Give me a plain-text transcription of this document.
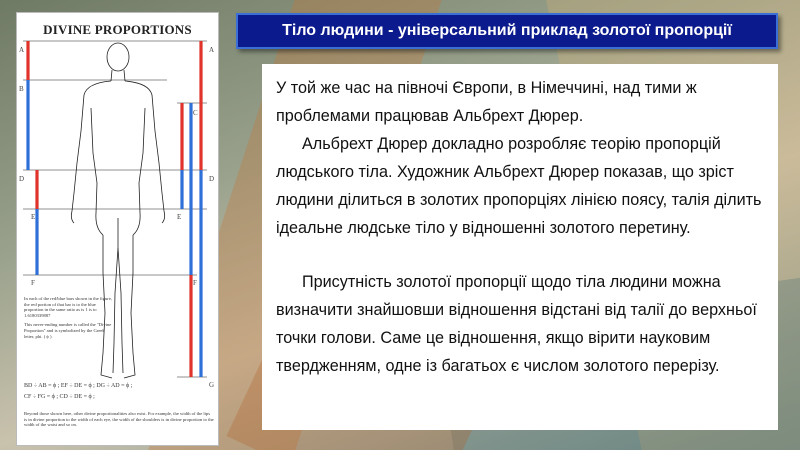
DIVINE PROPORTIONS
A	A
B
C
D	D
E	E
F	F
G

In each of the red/blue bars shown in the figure, the red portion of that bar is to the blue proportion in the same ratio as is 1 is to 1.6180339887

This never-ending number is called the "Divine Proportion" and is symbolized by the Greek letter, phi. ( ϕ )

BD ÷ AB = ϕ ; EF ÷ DE = ϕ ; DG ÷ AD = ϕ ;
CF ÷ FG = ϕ ; CD ÷ DE = ϕ ;
Beyond those shown here, other divine proportionalities also exist. For example, the width of the lips is in divine proportion to the width of each eye, the width of the shoulders is in divine proportion to the width of the waist and so on.
Тіло людини - універсальний приклад золотої пропорції

У той же час на півночі Європи, в Німеччині, над тими ж проблемами працював Альбрехт Дюрер.

Альбрехт Дюрер докладно розробляє теорію пропорцій людського тіла. Художник Альбрехт Дюрер показав, що зріст людини ділиться в золотих пропорціях лінією поясу, талія ділить ідеальне людське тіло у відношенні золотого перетину.

Присутність золотої пропорції щодо тіла людини можна визначити знайшовши відношення відстані від талії до верхньої точки голови. Саме це відношення, якщо вірити науковим твердженням, одне із багатьох є числом золотого перерізу.
